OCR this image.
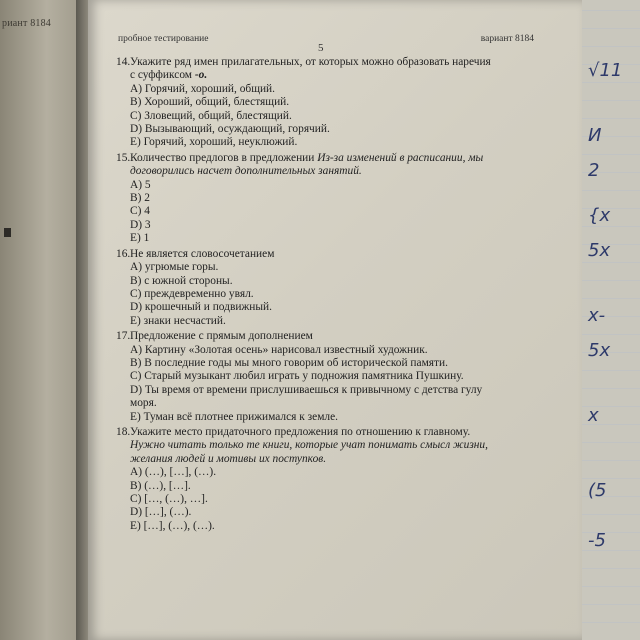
риант 8184
√11
И
2
{x
5x
x-
5x
x
(5
-5
пробное тестирование
5
вариант 8184
14.Укажите ряд имен прилагательных, от которых можно образовать наречия
с суффиксом -о.
A) Горячий, хороший, общий.
B) Хороший, общий, блестящий.
C) Зловещий, общий, блестящий.
D) Вызывающий, осуждающий, горячий.
E) Горячий, хороший, неуклюжий.
15.Количество предлогов в предложении Из-за изменений в расписании, мы
договорились насчет дополнительных занятий.
A) 5
B) 2
C) 4
D) 3
E) 1
16.Не является словосочетанием
A) угрюмые горы.
B) с южной стороны.
C) преждевременно увял.
D) крошечный и подвижный.
E) знаки несчастий.
17.Предложение с прямым дополнением
A) Картину «Золотая осень» нарисовал известный художник.
B) В последние годы мы много говорим об исторической памяти.
C) Старый музыкант любил играть у подножия памятника Пушкину.
D) Ты время от времени прислушиваешься к привычному с детства гулу
моря.
E) Туман всё плотнее прижимался к земле.
18.Укажите место придаточного предложения по отношению к главному.
Нужно читать только те книги, которые учат понимать смысл жизни,
желания людей и мотивы их поступков.
A) (…), […], (…).
B) (…), […].
C) […, (…), …].
D) […], (…).
E) […], (…), (…).
